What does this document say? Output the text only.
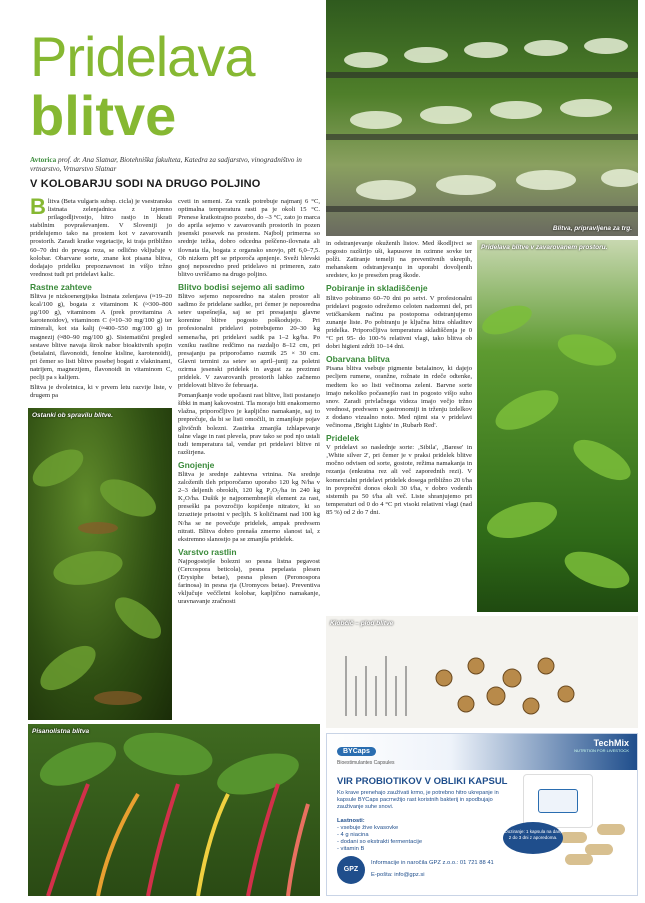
Pridelava
blitve
Avtorica prof. dr. Ana Slatnar, Biotehniška fakulteta, Katedra za sadjarstvo, vinogradništvo in vrtnarstvo, Vrtnarstvo Slatnar
V KOLOBARJU SODI NA DRUGO POLJINO

Blitva (Beta vulgaris subsp. cicla) je vsestranska listnata zelenjadnica z izjemno prilagodljivostjo, hitro rastjo in hkrati stabilnim povpraševanjem. V Sloveniji jo pridelujemo tako na prostem kot v zavarovanih prostorih. Zaradi kratke vegetacije, ki traja približno 60–70 dni do prvega reza, se odlično vključuje v kolobar. Obarvane sorte, znane kot pisana blitva, dodajajo pridelku prepoznavnost in višjo tržno vrednost tudi pri pridelavi kalic.

Rastne zahteve

Blitva je nizkoenergijska listnata zelenjava (≈19–20 kcal/100 g), bogata z vitaminom K (≈300–800 µg/100 g), vitaminom A (prek provitamina A karotenoidov), vitaminom C (≈10–30 mg/100 g) ter minerali, kot sta kalij (≈400–550 mg/100 g) in magnezij (≈80–90 mg/100 g). Sistematični pregled sestave blitve navaja širok nabor bioaktivnih spojin (betalaini, flavonoidi, fenolne kisline, karotenoidi), pri čemer so listi blitve posebej bogati z vlakninami, natrijem, magnezijem, flavonoidi in vitaminom C, peclji pa s kalijem.

Blitva je dvoletnica, ki v prvem letu razvije liste, v drugem pa

Ostanki ob spravilu blitve.

cveti in semeni. Za vznik potrebuje najmanj 6 °C, optimalna temperatura rasti pa je okoli 15 °C. Prenese kratkotrajno pozebo, do –3 °C, zato jo marca do aprila sejemo v zavarovanih prostorih in pozen jesenski posevek na prostem. Najbolj primerna so srednje težka, dobro odcedna peščeno-ilovnata ali ilovnata tla, bogata z organsko snovjo, pH 6,0–7,5. Ob nizkem pH se priporoča apnjenje. Sveži hlevski gnoj neposredno pred pridelavo ni primeren, zato blitvo uvrščamo na drugo poljino.

Blitvo bodisi sejemo ali sadimo

Blitvo sejemo neposredno na stalen prostor ali sadimo že pridelane sadike, pri čemer je neposredna setev uspešnejša, saj se pri presajanju glavne koreninе blitve pogosto poškodujejo. Pri profesionalni pridelavi potrebujemo 20–30 kg semena/ha, pri pridelavi sadik pa 1–2 kg/ha. Po vzniku rastline redčimo na razdaljo 8–12 cm, pri presajanju pa priporočamo razmik 25 × 30 cm. Glavni termini za setev so april–junij za poletni ozirma jesenski pridelek in avgust za prezimni pridelek. V zavarovanih prostorih lahko začnemo pridelovati blitvo že februarja.

Pomanjkanje vode upočasni rast blitve, listi postanejo šibki in manj kakovostni. Tla morajo biti enakomerno vlažna, priporočljivo je kapljično namakanje, saj to preprečuje, da bi se listi omočili, in zmanjšuje pojav glivičnih bolezni. Zastirka zmanjša izhlapevanje talne vlage in rast plevela, prav tako se pod njo ustali tudi temperatura tal, vendar pri pridelavi blitve ni razširjena.

Gnojenje

Blitva je srednje zahtevna vrtnina. Na srednje založenih tleh priporočamo uporabo 120 kg N/ha v 2–3 deljenih obrokih, 120 kg P₂O₅/ha in 240 kg K₂O/ha. Dušik je najpomembnejši element za rast, preseški pa povzročijo kopičenje nitratov, ki so izraziteje prisotni v pecljih. S količinami nad 100 kg N/ha se ne povečuje pridelek, ampak predvsem nitrati. Blitva dobro prenaša zmerno slanost tal, z ekstremno slanostjo pa se zmanjša pridelek.

Varstvo rastlin

Najpogostejše bolezni so pesna listna pegavost (Cercospora beticola), pesna pepelasta plesen (Erysiphe betae), pesna plesen (Peronospora farinosa) in pesna rja (Uromyces betae). Preventiva vključuje veččletni kolobar, kapljično namakanje, uravnavanje zračnosti

Blitva, pripravljena za trg.

in odstranjevanje okuženih listov. Med škodljivci se pogosto razširijo uši, kapusove in ozimne sovke ter polži. Zatiranje temelji na preventivnih ukrepih, mehanskem odstranjevanju in uporabi dovoljenih sredstev, ko je presežen prag škode.

Pobiranje in skladiščenje

Blitvo pobiramo 60–70 dni po setvi. V profesionalni pridelavi pogosto odrežemo celoten nadzemni del, pri vrtičkarskem načinu pa postopoma odstranjujemo zunanje liste. Po pobiranju je ključna hitra ohladitev pridelka. Priporočljiva temperatura skladiščenja je 0 °C pri 95- do 100-% relativni vlagi, tako blitva ob dobri higieni zdrži 10–14 dni.

Obarvana blitva

Pisana blitva vsebuje pigmente betalainov, ki dajejo pecljem rumene, oranžne, rožnate in rdeče odtenke, medtem ko so listi večinoma zeleni. Barvne sorte imajo nekoliko počasnejšo rast in pogosto višjo suho snov. Zaradi privlačnega videza imajo večjo tržno vrednost, predvsem v gastronomiji in trženju izdelkov z dodano vizualno noto. Med njimi sta v pridelavi večinoma ‚Bright Lights' in ‚Rubarb Red'.

Pridelek

V pridelavi so naslednje sorte: ‚Sibila', ‚Barese' in ‚White silver 2', pri čemer je v praksi pridelek blitve močno odvisen od sorte, gostote, režima namakanja in rezanja (enkratna rez ali več zaporednih rezi). V komercialni pridelavi pridelek dosega približno 20 t/ha in povprečni donos okoli 30 t/ha, v dobro vodenih sistemih pa 50 t/ha ali več. Liste shranjujemo pri temperaturi od 0 do 4 °C pri visoki relativni vlagi (nad 85 %) od 2 do 7 dni.

Pridelava blitve v zavarovanem prostoru.
Klobčič – plod blitve
Pisanolistna blitva
BYCaps
Bioestimulantes Capsules
TechMix
NUTRITION FOR LIVESTOCK
VIR PROBIOTIKOV V OBLIKI KAPSUL
Ko krave prenehajo zaužívati krmo, je potrebno hitro ukrepanje in kapsule BYCaps pacrnežijo rast koristnih bakterij in spodbujajo zauživanje suhe snovi.
Lastnosti:
- vsebuje žive kvasovke
- 4 g niacina
- dodani so ekstrakti fermentacije
- vitamin B
Doziranje: 1 kapsula na dan, 2 do 3 dni z aporedoma.
Informacije in naročila GPZ z.o.o.: 01 721 88 41
E-pošta: info@gpz.si
GPZ
